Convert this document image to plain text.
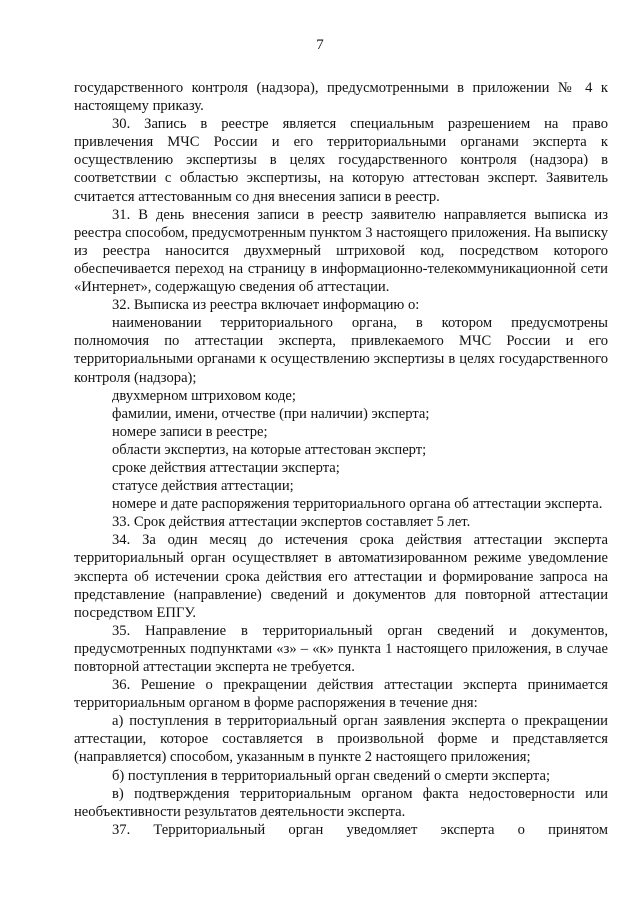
7

государственного контроля (надзора), предусмотренными в приложении № 4 к настоящему приказу.

30. Запись в реестре является специальным разрешением на право привлечения МЧС России и его территориальными органами эксперта к осуществлению экспертизы в целях государственного контроля (надзора) в соответствии с областью экспертизы, на которую аттестован эксперт. Заявитель считается аттестованным со дня внесения записи в реестр.

31. В день внесения записи в реестр заявителю направляется выписка из реестра способом, предусмотренным пунктом 3 настоящего приложения. На выписку из реестра наносится двухмерный штриховой код, посредством которого обеспечивается переход на страницу в информационно-телекоммуникационной сети «Интернет», содержащую сведения об аттестации.

32. Выписка из реестра включает информацию о:

наименовании территориального органа, в котором предусмотрены полномочия по аттестации эксперта, привлекаемого МЧС России и его территориальными органами к осуществлению экспертизы в целях государственного контроля (надзора);

двухмерном штриховом коде;

фамилии, имени, отчестве (при наличии) эксперта;

номере записи в реестре;

области экспертиз, на которые аттестован эксперт;

сроке действия аттестации эксперта;

статусе действия аттестации;

номере и дате распоряжения территориального органа об аттестации эксперта.

33. Срок действия аттестации экспертов составляет 5 лет.

34. За один месяц до истечения срока действия аттестации эксперта территориальный орган осуществляет в автоматизированном режиме уведомление эксперта об истечении срока действия его аттестации и формирование запроса на представление (направление) сведений и документов для повторной аттестации посредством ЕПГУ.

35. Направление в территориальный орган сведений и документов, предусмотренных подпунктами «з» – «к» пункта 1 настоящего приложения, в случае повторной аттестации эксперта не требуется.

36. Решение о прекращении действия аттестации эксперта принимается территориальным органом в форме распоряжения в течение дня:

а) поступления в территориальный орган заявления эксперта о прекращении аттестации, которое составляется в произвольной форме и представляется (направляется) способом, указанным в пункте 2 настоящего приложения;

б) поступления в территориальный орган сведений о смерти эксперта;

в) подтверждения территориальным органом факта недостоверности или необъективности результатов деятельности эксперта.

37. Территориальный орган уведомляет эксперта о принятом
